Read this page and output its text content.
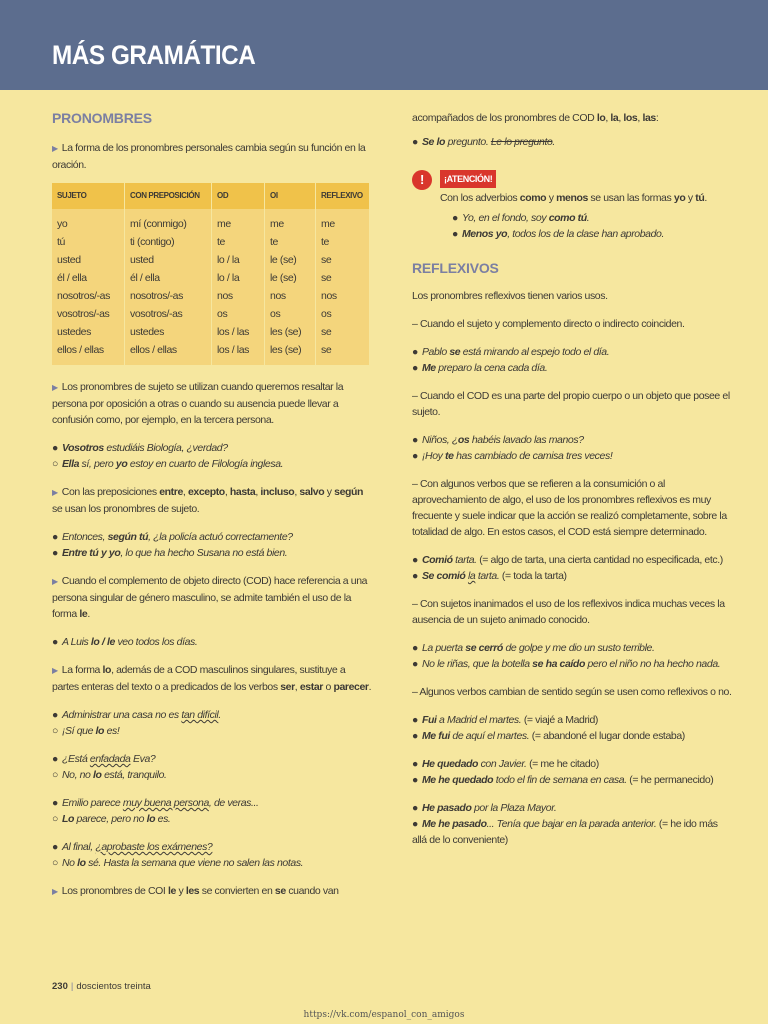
MÁS GRAMÁTICA
PRONOMBRES

▶ La forma de los pronombres personales cambia según su función en la oración.

SUJETO	CON PREPOSICIÓN	OD	OI	REFLEXIVO
yo	mí (conmigo)	me	me	me
tú	ti (contigo)	te	te	te
usted	usted	lo / la	le (se)	se
él / ella	él / ella	lo / la	le (se)	se
nosotros/-as	nosotros/-as	nos	nos	nos
vosotros/-as	vosotros/-as	os	os	os
ustedes	ustedes	los / las	les (se)	se
ellos / ellas	ellos / ellas	los / las	les (se)	se

▶ Los pronombres de sujeto se utilizan cuando queremos resaltar la persona por oposición a otras o cuando su ausencia puede llevar a confusión como, por ejemplo, en la tercera persona.

● Vosotros estudiáis Biología, ¿verdad?

○ Ella sí, pero yo estoy en cuarto de Filología inglesa.

▶ Con las preposiciones entre, excepto, hasta, incluso, salvo y según se usan los pronombres de sujeto.

● Entonces, según tú, ¿la policía actuó correctamente?

● Entre tú y yo, lo que ha hecho Susana no está bien.

▶ Cuando el complemento de objeto directo (COD) hace referencia a una persona singular de género masculino, se admite también el uso de la forma le.

● A Luis lo / le veo todos los días.

▶ La forma lo, además de a COD masculinos singulares, sustituye a partes enteras del texto o a predicados de los verbos ser, estar o parecer.

● Administrar una casa no es tan difícil.

○ ¡Sí que lo es!

● ¿Está enfadada Eva?

○ No, no lo está, tranquilo.

● Emilio parece muy buena persona, de veras...

○ Lo parece, pero no lo es.

● Al final, ¿aprobaste los exámenes?

○ No lo sé. Hasta la semana que viene no salen las notas.

▶ Los pronombres de COI le y les se convierten en se cuando van

acompañados de los pronombres de COD lo, la, los, las:

● Se lo pregunto. Le lo pregunto.

!	¡ATENCIÓN!

Con los adverbios como y menos se usan las formas yo y tú.

● Yo, en el fondo, soy como tú.

● Menos yo, todos los de la clase han aprobado.

REFLEXIVOS

Los pronombres reflexivos tienen varios usos.

– Cuando el sujeto y complemento directo o indirecto coinciden.

● Pablo se está mirando al espejo todo el día.

● Me preparo la cena cada día.

– Cuando el COD es una parte del propio cuerpo o un objeto que posee el sujeto.

● Niños, ¿os habéis lavado las manos?

● ¡Hoy te has cambiado de camisa tres veces!

– Con algunos verbos que se refieren a la consumición o al aprovechamiento de algo, el uso de los pronombres reflexivos es muy frecuente y suele indicar que la acción se realizó completamente, sobre la totalidad de algo. En estos casos, el COD está siempre determinado.

● Comió tarta. (= algo de tarta, una cierta cantidad no especificada, etc.)

● Se comió la tarta. (= toda la tarta)

– Con sujetos inanimados el uso de los reflexivos indica muchas veces la ausencia de un sujeto animado conocido.

● La puerta se cerró de golpe y me dio un susto terrible.

● No le riñas, que la botella se ha caído pero el niño no ha hecho nada.

– Algunos verbos cambian de sentido según se usen como reflexivos o no.

● Fui a Madrid el martes. (= viajé a Madrid)

● Me fui de aquí el martes. (= abandoné el lugar donde estaba)

● He quedado con Javier. (= me he citado)

● Me he quedado todo el fin de semana en casa. (= he permanecido)

● He pasado por la Plaza Mayor.

● Me he pasado... Tenía que bajar en la parada anterior. (= he ido más allá de lo conveniente)

230 | doscientos treinta
https://vk.com/espanol_con_amigos
